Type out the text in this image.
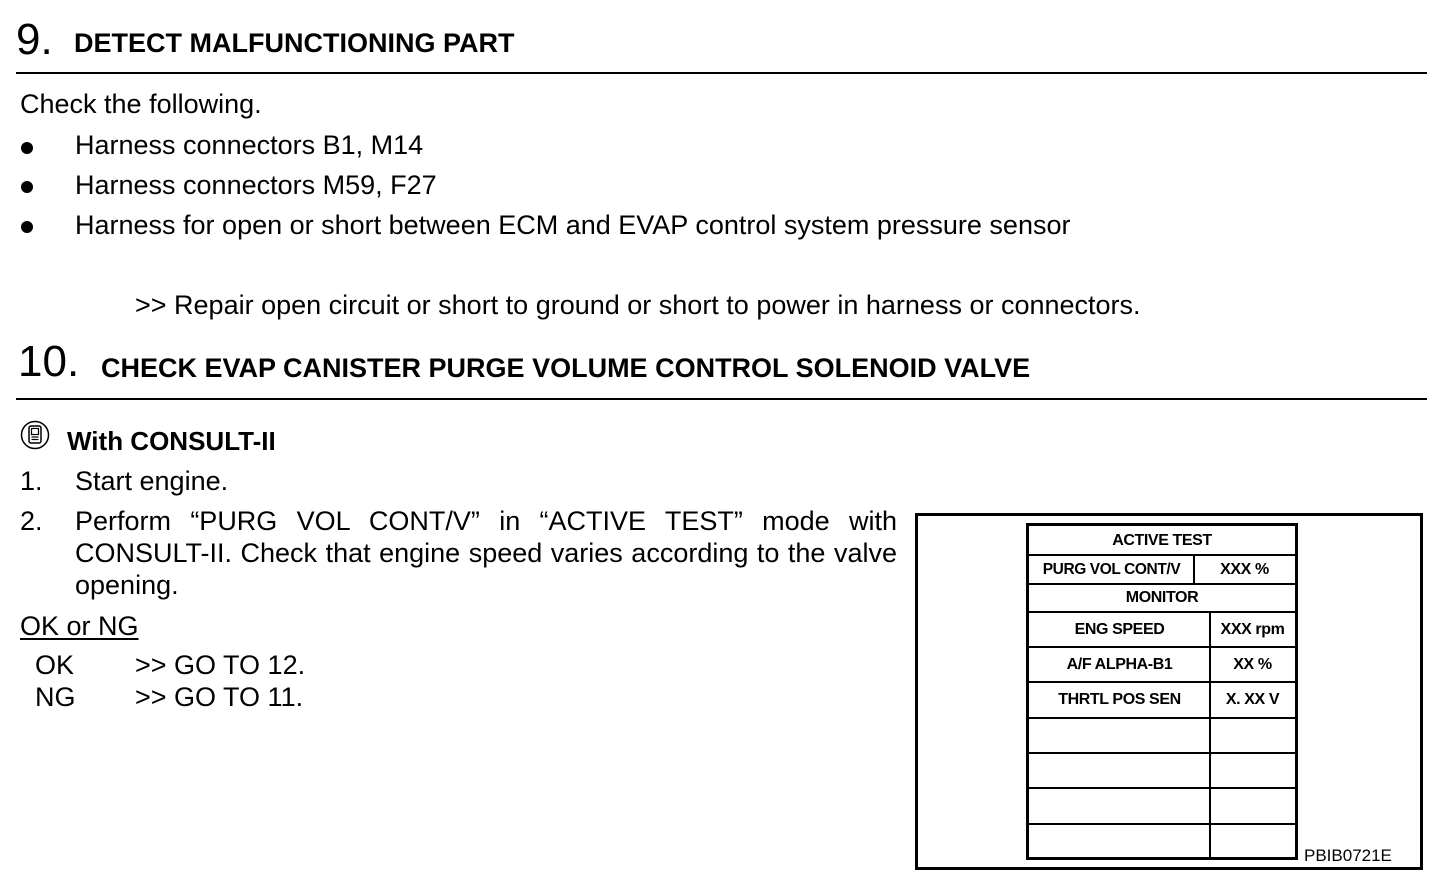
9. DETECT MALFUNCTIONING PART
Check the following.
Harness connectors B1, M14
Harness connectors M59, F27
Harness for open or short between ECM and EVAP control system pressure sensor
>> Repair open circuit or short to ground or short to power in harness or connectors.
10. CHECK EVAP CANISTER PURGE VOLUME CONTROL SOLENOID VALVE
With CONSULT-II
1. Start engine.
2. Perform “PURG VOL CONT/V” in “ACTIVE TEST” mode with CONSULT-II. Check that engine speed varies according to the valve opening.
OK or NG
OK >> GO TO 12.
NG >> GO TO 11.
ACTIVE TEST
PURG VOL CONT/V	XXX %
MONITOR
ENG SPEED	XXX rpm
A/F ALPHA-B1	XX %
THRTL POS SEN	X. XX V
PBIB0721E
